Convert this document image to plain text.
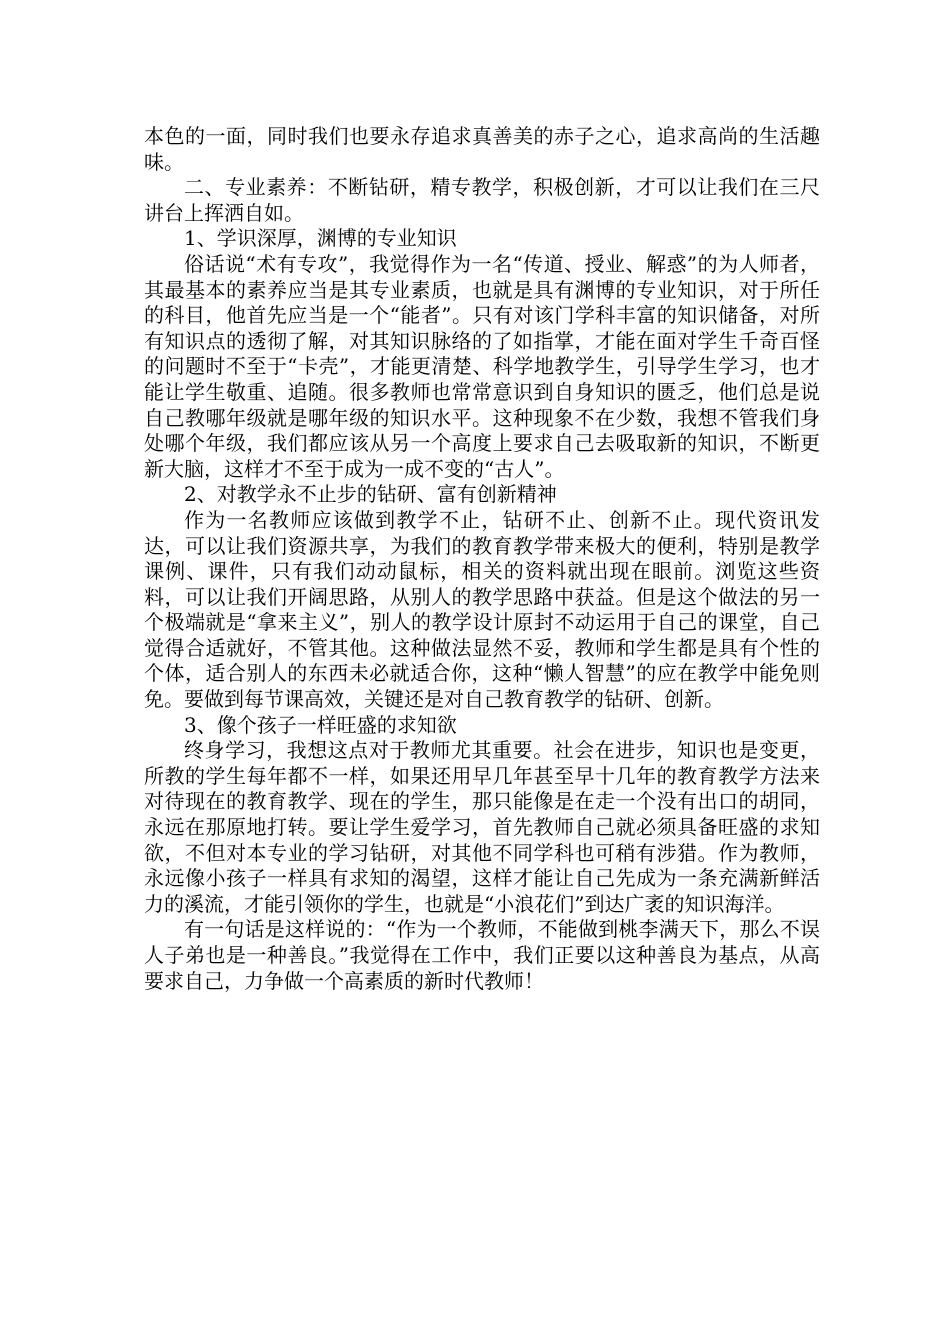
本色的一面，同时我们也要永存追求真善美的赤子之心，追求高尚的生活趣味。

二、专业素养：不断钻研，精专教学，积极创新，才可以让我们在三尺讲台上挥洒自如。

1、学识深厚，渊博的专业知识

俗话说“术有专攻”，我觉得作为一名“传道、授业、解惑”的为人师者，其最基本的素养应当是其专业素质，也就是具有渊博的专业知识，对于所任的科目，他首先应当是一个“能者”。只有对该门学科丰富的知识储备，对所有知识点的透彻了解，对其知识脉络的了如指掌，才能在面对学生千奇百怪的问题时不至于“卡壳”，才能更清楚、科学地教学生，引导学生学习，也才能让学生敬重、追随。很多教师也常常意识到自身知识的匮乏，他们总是说自己教哪年级就是哪年级的知识水平。这种现象不在少数，我想不管我们身处哪个年级，我们都应该从另一个高度上要求自己去吸取新的知识，不断更新大脑，这样才不至于成为一成不变的“古人”。

2、对教学永不止步的钻研、富有创新精神

作为一名教师应该做到教学不止，钻研不止、创新不止。现代资讯发达，可以让我们资源共享，为我们的教育教学带来极大的便利，特别是教学课例、课件，只有我们动动鼠标，相关的资料就出现在眼前。浏览这些资料，可以让我们开阔思路，从别人的教学思路中获益。但是这个做法的另一个极端就是“拿来主义”，别人的教学设计原封不动运用于自己的课堂，自己觉得合适就好，不管其他。这种做法显然不妥，教师和学生都是具有个性的个体，适合别人的东西未必就适合你，这种“懒人智慧”的应在教学中能免则免。要做到每节课高效，关键还是对自己教育教学的钻研、创新。

3、像个孩子一样旺盛的求知欲

终身学习，我想这点对于教师尤其重要。社会在进步，知识也是变更，所教的学生每年都不一样，如果还用早几年甚至早十几年的教育教学方法来对待现在的教育教学、现在的学生，那只能像是在走一个没有出口的胡同，永远在那原地打转。要让学生爱学习，首先教师自己就必须具备旺盛的求知欲，不但对本专业的学习钻研，对其他不同学科也可稍有涉猎。作为教师，永远像小孩子一样具有求知的渴望，这样才能让自己先成为一条充满新鲜活力的溪流，才能引领你的学生，也就是“小浪花们”到达广袤的知识海洋。

有一句话是这样说的：“作为一个教师，不能做到桃李满天下，那么不误人子弟也是一种善良。”我觉得在工作中，我们正要以这种善良为基点，从高要求自己，力争做一个高素质的新时代教师！
